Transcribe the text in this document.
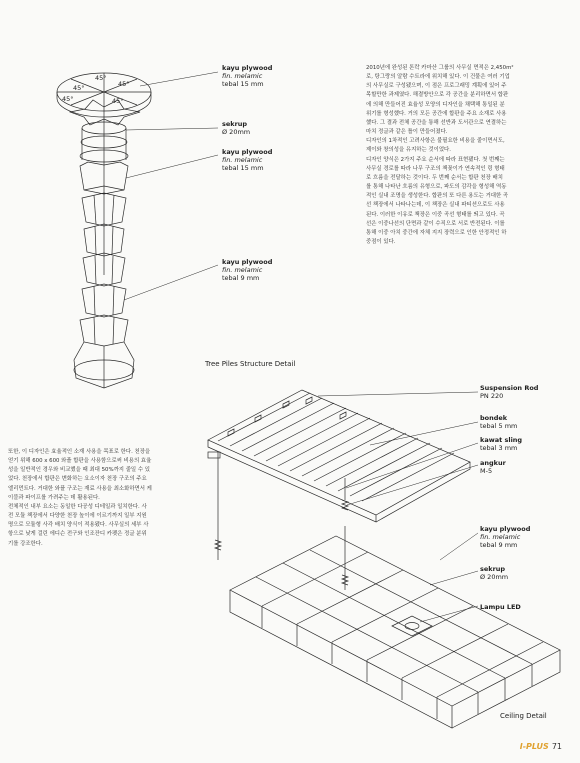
45°
45°	45°
45°	45°
kayu plywood
fin. melamic
tebal 15 mm
sekrup
Ø 20mm
kayu plywood
fin. melamic
tebal 15 mm
kayu plywood
fin. melamic
tebal 9 mm
Tree Piles Structure Detail
Suspension Rod
PN 220
bondek
tebal 5 mm
kawat sling
tebal 3 mm
angkur
M-5
kayu plywood
fin. melamic
tebal 9 mm
sekrup
Ø 20mm
Lampu LED
Ceiling Detail

2010년에 완성된 톤락 카마산 그룹의 사무실 면적은 2,450m²

로, 탕그랑의 알람 수트라에 위치해 있다. 이 건물은 여러 기업

의 사무실로 구성됐으며, 이 점은 프로그래밍 계획에 있어 주

목할만한 과제였다. 해결방안으로 각 공간을 분리하면서 합판

에 의해 만들어진 효율성 모양의 디자인을 채택해 통일된 분

위기를 형성했다. 거의 모든 공간에 합판을 주요 소재로 사용

했다. 그 결과 전체 공간을 통해 선반과 도서관으로 연결하는

마치 정글과 같은 틀이 만들어졌다.

디자인의 1차적인 고려사항은 불필요한 비용을 줄이면서도,

제이와 창의성을 유지하는 것이었다.

디자인 양식은 2가지 주요 순서에 따라 표현됐다. 첫 번째는

사무실 경로를 따라 나무 구조의 책꽂이가 연속적인 링 형태

로 흐름을 전달하는 것이다. 두 번째 순서는 합판 천장 배치

를 통해 나타난 흐름의 유형으로, 파도의 감각을 형성해 역동

적인 실내 조명을 생성한다. 합판의 또 다른 용도는 거대한 곡

선 책장에서 나타나는데, 이 책장은 실내 파티션으로도 사용

된다. 이러한 이유로 책장은 이중 곡선 형태를 띄고 있다. 곡

선은 이중나선의 단면과 같이 수직으로 서로 반전된다. 이를

통해 이중 아치 중간에 자체 지지 장력으로 인한 안정적인 하

중점이 있다.

또한, 이 디자인은 효율적인 소재 사용을 목표로 한다. 천장을

얻기 위해 600 x 600 와플 합판을 사용함으로써 비용의 효율

성을 일반적인 경우와 비교했을 때 최대 50%까지 줄일 수 있

었다. 천장에서 합판은 변화하는 요소이자 천장 구조의 주요

엘리먼트다. 거대한 와플 구조는 재료 사용을 최소화하면서 케

이블과 파이프를 가려주는 데 활용된다.

전체적인 내부 요소는 동일한 다공성 디테일과 일치한다. 사

전 모듈 책장에서 다양한 천장 높이에 이르기까지 일부 지원

명으로 모듈형 사각 배치 양식이 적용됐다. 사무실의 세부 사

항으로 낮게 걸린 에디슨 전구와 인조잔디 카펫은 정글 분위

기를 강조한다.

I-PLUS 71
